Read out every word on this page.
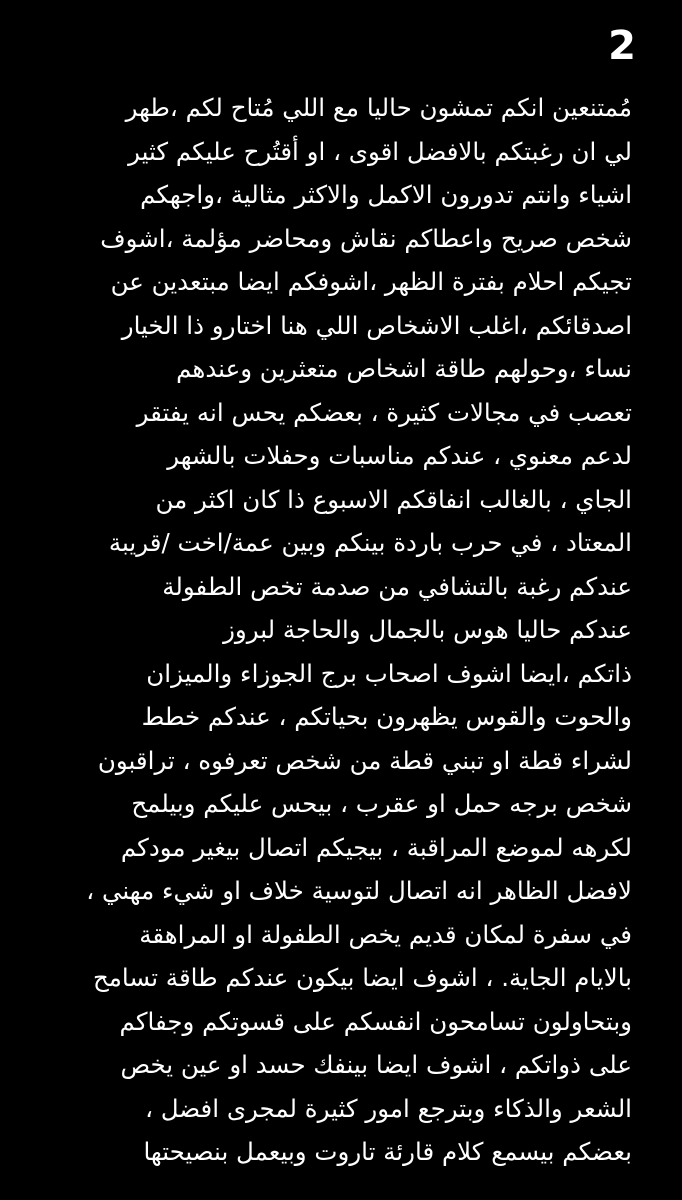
2
مُمتنعين انكم تمشون حاليا مع اللي مُتاح لكم ،طهر
لي ان رغبتكم بالافضل اقوى ، او أقتُرح عليكم كثير
اشياء وانتم تدورون الاكمل والاكثر مثالية ،واجهكم
شخص صريح واعطاكم نقاش ومحاضر مؤلمة ،اشوف
تجيكم احلام بفترة الظهر ،اشوفكم ايضا مبتعدين عن
اصدقائكم ،اغلب الاشخاص اللي هنا اختارو ذا الخيار
نساء ،وحولهم طاقة اشخاص متعثرين وعندهم
تعصب في مجالات كثيرة ، بعضكم يحس انه يفتقر
لدعم معنوي ، عندكم مناسبات وحفلات بالشهر
الجاي ، بالغالب انفاقكم الاسبوع ذا كان اكثر من
المعتاد ، في حرب باردة بينكم وبين عمة/اخت /قريبة
عندكم رغبة بالتشافي من صدمة تخص الطفولة
عندكم حاليا هوس بالجمال والحاجة لبروز
ذاتكم ،ايضا اشوف اصحاب برج الجوزاء والميزان
والحوت والقوس يظهرون بحياتكم ، عندكم خطط
لشراء قطة او تبني قطة من شخص تعرفوه ، تراقبون
شخص برجه حمل او عقرب ، بيحس عليكم وبيلمح
لكرهه لموضع المراقبة ، بيجيكم اتصال بيغير مودكم
لافضل الظاهر انه اتصال لتوسية خلاف او شيء مهني ،
في سفرة لمكان قديم يخص الطفولة او المراهقة
بالايام الجاية. ، اشوف ايضا بيكون عندكم طاقة تسامح
وبتحاولون تسامحون انفسكم على قسوتكم وجفاكم
على ذواتكم ، اشوف ايضا بينفك حسد او عين يخص
الشعر والذكاء وبترجع امور كثيرة لمجرى افضل ،
بعضكم بيسمع كلام قارئة تاروت وبيعمل بنصيحتها
